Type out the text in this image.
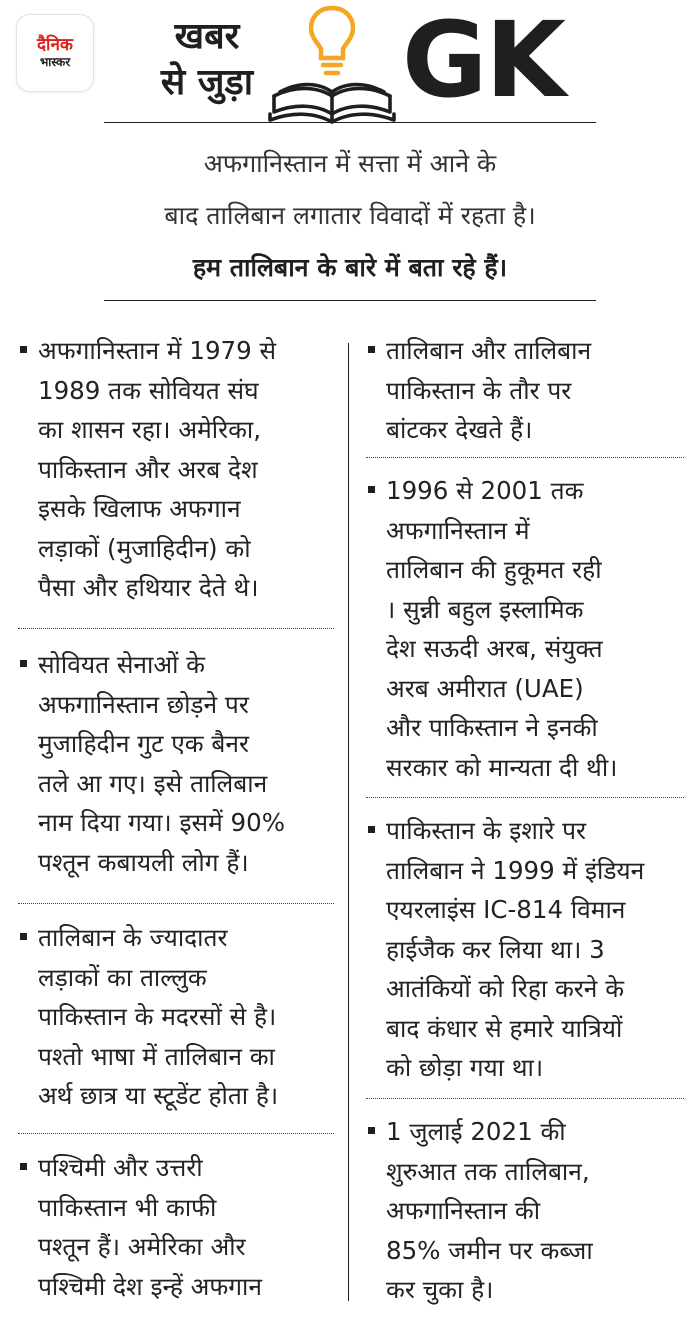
दैनिक
भास्कर
खबर
से जुड़ा GK
अफगानिस्तान में सत्ता में आने के
बाद तालिबान लगातार विवादों में रहता है।
हम तालिबान के बारे में बता रहे हैं।
अफगानिस्तान में 1979 से
1989 तक सोवियत संघ
का शासन रहा। अमेरिका,
पाकिस्तान और अरब देश
इसके खिलाफ अफगान
लड़ाकों (मुजाहिदीन) को
पैसा और हथियार देते थे।
सोवियत सेनाओं के
अफगानिस्तान छोड़ने पर
मुजाहिदीन गुट एक बैनर
तले आ गए। इसे तालिबान
नाम दिया गया। इसमें 90%
पश्तून कबायली लोग हैं।
तालिबान के ज्यादातर
लड़ाकों का ताल्लुक
पाकिस्तान के मदरसों से है।
पश्तो भाषा में तालिबान का
अर्थ छात्र या स्टूडेंट होता है।
पश्चिमी और उत्तरी
पाकिस्तान भी काफी
पश्तून हैं। अमेरिका और
पश्चिमी देश इन्हें अफगान
तालिबान और तालिबान
पाकिस्तान के तौर पर
बांटकर देखते हैं।
1996 से 2001 तक
अफगानिस्तान में
तालिबान की हुकूमत रही
। सुन्नी बहुल इस्लामिक
देश सऊदी अरब, संयुक्त
अरब अमीरात (UAE)
और पाकिस्तान ने इनकी
सरकार को मान्यता दी थी।
पाकिस्तान के इशारे पर
तालिबान ने 1999 में इंडियन
एयरलाइंस IC-814 विमान
हाईजैक कर लिया था। 3
आतंकियों को रिहा करने के
बाद कंधार से हमारे यात्रियों
को छोड़ा गया था।
1 जुलाई 2021 की
शुरुआत तक तालिबान,
अफगानिस्तान की
85% जमीन पर कब्जा
कर चुका है।
